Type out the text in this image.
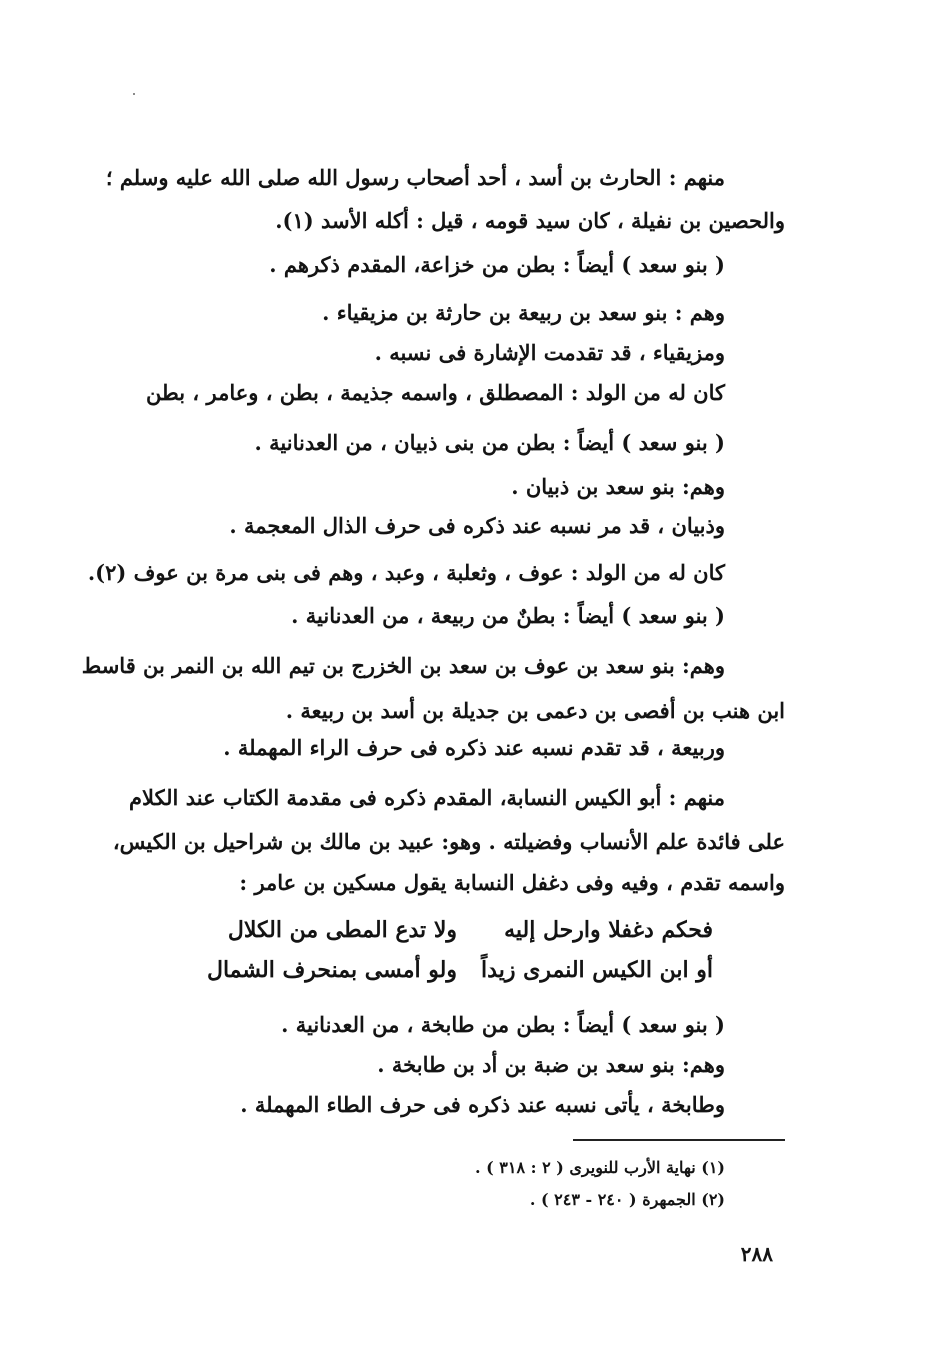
منهم : الحارث بن أسد ، أحد أصحاب رسول الله صلى الله عليه وسلم ؛
والحصين بن نفيلة ، كان سيد قومه ، قيل : أكله الأسد (١).
( بنو سعد ) أيضاً : بطن من خزاعة، المقدم ذكرهم .
وهم : بنو سعد بن ربيعة بن حارثة بن مزيقياء .
ومزيقياء ، قد تقدمت الإشارة فى نسبه .
كان له من الولد : المصطلق ، واسمه جذيمة ، بطن ، وعامر ، بطن
( بنو سعد ) أيضاً : بطن من بنى ذبيان ، من العدنانية .
وهم: بنو سعد بن ذبيان .
وذبيان ، قد مر نسبه عند ذكره فى حرف الذال المعجمة .
كان له من الولد : عوف ، وثعلبة ، وعبد ، وهم فى بنى مرة بن عوف (٢).
( بنو سعد ) أيضاً : بطنٌ من ربيعة ، من العدنانية .
وهم: بنو سعد بن عوف بن سعد بن الخزرج بن تيم الله بن النمر بن قاسط
ابن هنب بن أفصى بن دعمى بن جديلة بن أسد بن ربيعة .
وربيعة ، قد تقدم نسبه عند ذكره فى حرف الراء المهملة .
منهم : أبو الكيس النسابة، المقدم ذكره فى مقدمة الكتاب عند الكلام
على فائدة علم الأنساب وفضيلته . وهو: عبيد بن مالك بن شراحيل بن الكيس،
واسمه تقدم ، وفيه وفى دغفل النسابة يقول مسكين بن عامر :
فحكم دغفلا وارحل إليه
ولا تدع المطى من الكلال
أو ابن الكيس النمرى زيداً
ولو أمسى بمنحرف الشمال
( بنو سعد ) أيضاً : بطن من طابخة ، من العدنانية .
وهم: بنو سعد بن ضبة بن أد بن طابخة .
وطابخة ، يأتى نسبه عند ذكره فى حرف الطاء المهملة .
(١) نهاية الأرب للنويرى ( ٢ : ٣١٨ ) .
(٢) الجمهرة ( ٢٤٠ - ٢٤٣ ) .
٢٨٨
